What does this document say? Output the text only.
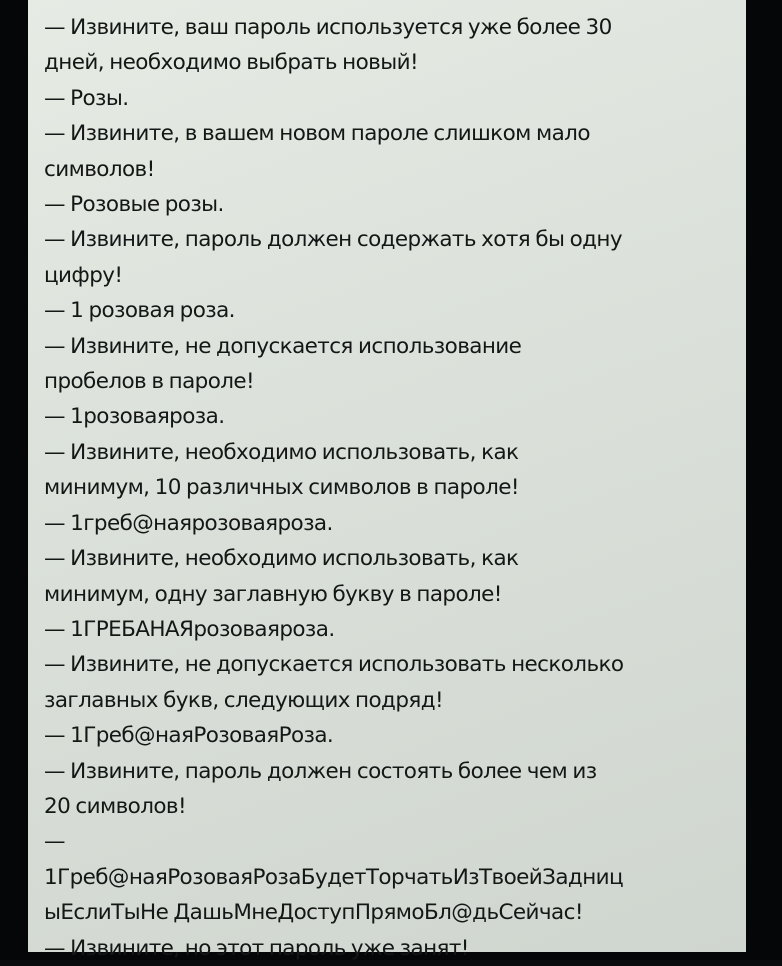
— Извините, ваш пароль используется уже более 30
дней, необходимо выбрать новый!
— Розы.
— Извините, в вашем новом пароле слишком мало
символов!
— Розовые розы.
— Извините, пароль должен содержать хотя бы одну
цифру!
— 1 розовая роза.
— Извините, не допускается использование
пробелов в пароле!
— 1розоваяроза.
— Извините, необходимо использовать, как
минимум, 10 различных символов в пароле!
— 1греб@наярозоваяроза.
— Извините, необходимо использовать, как
минимум, одну заглавную букву в пароле!
— 1ГРЕБАНАЯрозоваяроза.
— Извините, не допускается использовать несколько
заглавных букв, следующих подряд!
— 1Греб@наяРозоваяРоза.
— Извините, пароль должен состоять более чем из
20 символов!
—
1Греб@наяРозоваяРозаБудетТорчатьИзТвоейЗадниц
ыЕслиТыНе ДашьМнеДоступПрямоБл@дьСейчас!
— Извините, но этот пароль уже занят!
